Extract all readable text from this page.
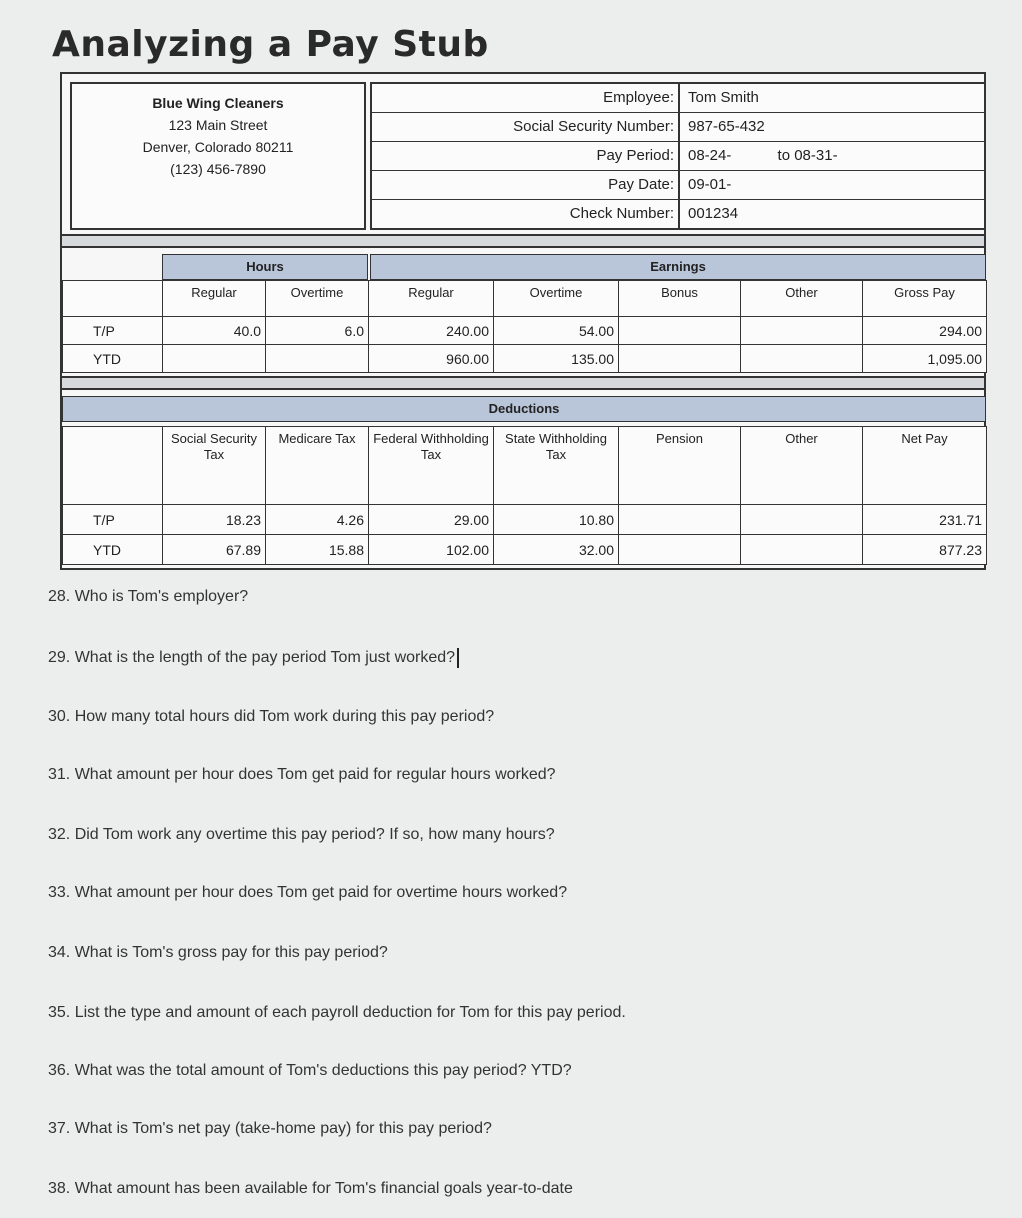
Analyzing a Pay Stub
Blue Wing Cleaners
123 Main Street
Denver, Colorado 80211
(123) 456-7890
Employee: Tom Smith
Social Security Number: 987-65-432
Pay Period: 08-24-	to 08-31-
Pay Date: 09-01-
Check Number: 001234
Hours	Earnings
	Regular	Overtime	Regular	Overtime	Bonus	Other	Gross Pay
T/P	40.0	6.0	240.00	54.00			294.00
YTD			960.00	135.00			1,095.00
Deductions
	Social Security Tax	Medicare Tax	Federal Withholding Tax	State Withholding Tax	Pension	Other	Net Pay
T/P	18.23	4.26	29.00	10.80			231.71
YTD	67.89	15.88	102.00	32.00			877.23
28. Who is Tom's employer?
29. What is the length of the pay period Tom just worked?
30. How many total hours did Tom work during this pay period?
31. What amount per hour does Tom get paid for regular hours worked?
32. Did Tom work any overtime this pay period? If so, how many hours?
33. What amount per hour does Tom get paid for overtime hours worked?
34. What is Tom's gross pay for this pay period?
35. List the type and amount of each payroll deduction for Tom for this pay period.
36. What was the total amount of Tom's deductions this pay period? YTD?
37. What is Tom's net pay (take-home pay) for this pay period?
38. What amount has been available for Tom's financial goals year-to-date
